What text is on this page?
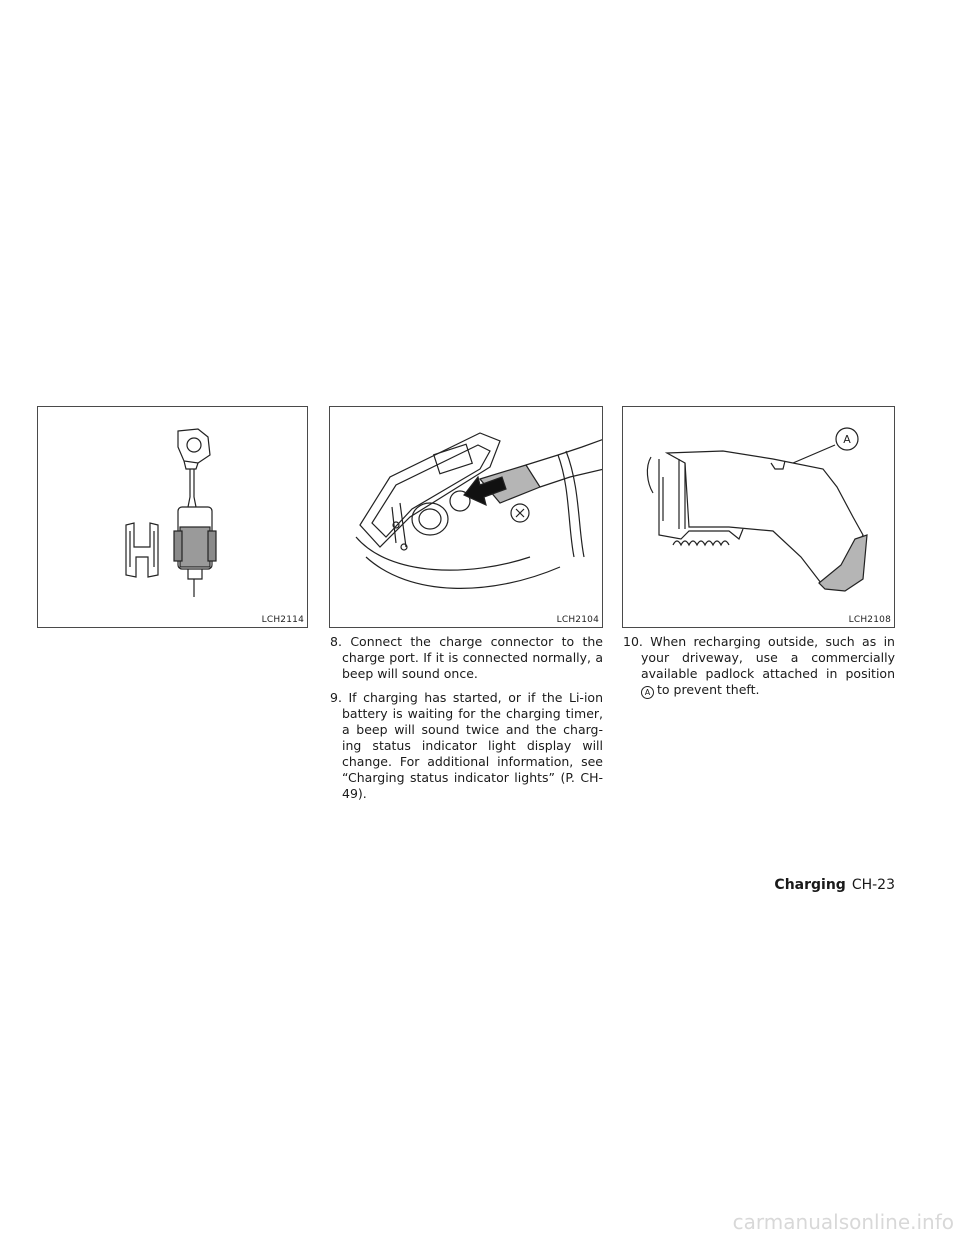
LCH2114	LCH2104
A
LCH2108

8. Connect the charge connector to the charge port. If it is connected normally, a beep will sound once.

9. If charging has started, or if the Li-ion battery is waiting for the charging timer, a beep will sound twice and the charg- ing status indicator light display will change. For additional information, see “Charging status indicator lights” (P. CH-49).

10. When recharging outside, such as in your driveway, use a commercially available padlock attached in position A to prevent theft.

Charging CH-23
carmanualsonline.info
